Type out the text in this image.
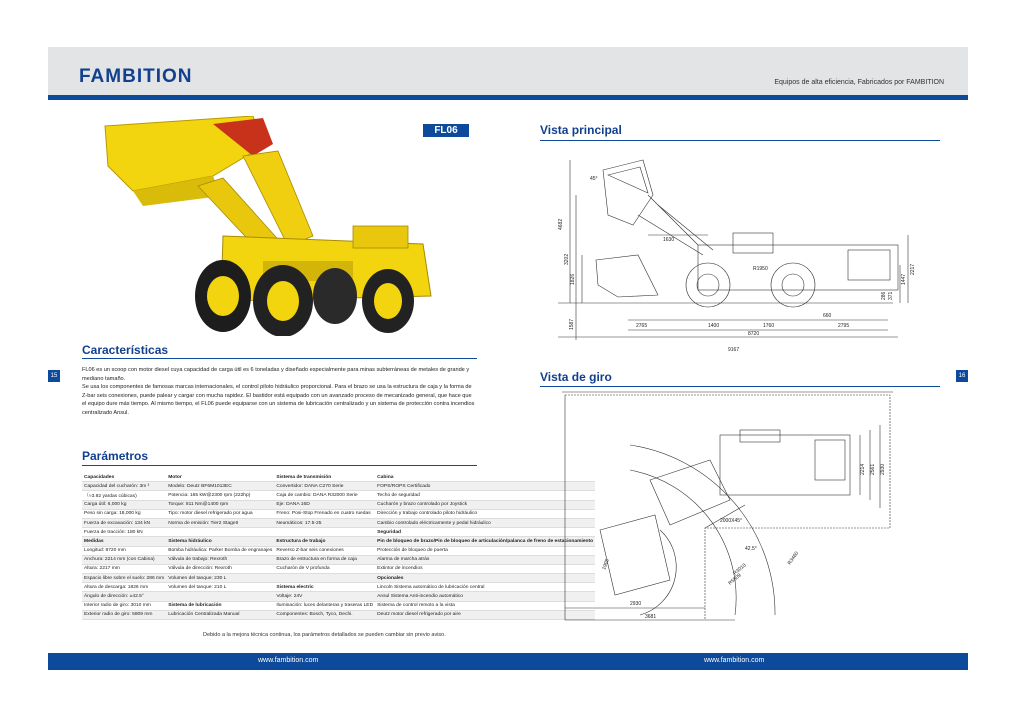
FAMBITION	Equipos de alta eficiencia, Fabricados por FAMBITION
15	16
FL06
Características

FL06 es un scoop con motor diesel cuya capacidad de carga útil es 6 toneladas y diseñado especialmente para minas subterráneas de metales de grande y mediano tamaño.

Se usa los componentes de famosas marcas internacionales, el control piloto hidráulico proporcional. Para el brazo se usa la estructura de caja y la forma de Z-bar seis conexiones, puede palear y cargar con mucha rapidez. El bastidor está equipado con un avanzado proceso de mecanizado general, que hace que el equipo dure más tiempo. Al mismo tiempo, el FL06 puede equiparse con un sistema de lubricación centralizado y un sistema de protección contra incendios centralizado Ansul.

Parámetros
Capacidades	Motor	Sistema de transmisión	Cabina
Capacidad del cucharón: 3m ³	Modelo: Deutz BF6M1013EC	Convertidor: DANA C270 Serie	FOPS/ROPS Certificado
（≈3.92 yardas cúbicas)	Potencia: 165 kW@2300 rpm (222hp)	Caja de cambio: DANA R32000 Serie	Techo de seguridad
Carga útil: 6,000 kg	Torque: 811 Nm@1400 rpm	Eje: DANA 16D	Cucharón y brazo controlado por Joystick
Peso sin carga: 18,000 kg	Tipo: motor diesel refrigerado por agua	Freno: Posi-Stop Frenado en cuatro ruedas	Dirección y trabajo controlado piloto hidráulico
Fuerza de excavación: 134 kN	Norma de emisión: Tier2 StageII	Neumáticos: 17.5-25	Cambio controlado eléctricamente y pedal hidráulico
Fuerza de tracción: 180 kN			Seguridad
Medidas	Sistema hidráulico	Estructura de trabajo	Pin de bloqueo de brazo/Pin de bloqueo de articulación/palanca de freno de estacionamiento
Longitud: 8720 mm	Bomba hidráulica: Parker Bomba de engranajes	Reverso Z-bar seis conexiones	Protección de bloqueo de puerta
Anchura: 2214 mm (con Cabina)	Válvula de trabajo: Rexroth	Brazo de estructura en forma de caja	Alarma de marcha atrás
Altura: 2217 mm	Válvula de dirección: Rexroth	Cucharón de V profunda	Extintor de incendios
Espacio libre sobre el suelo: 286 mm	Volumen del tanque: 230 L		Opcionales
Altura de descarga: 1826 mm	Volumen del tanque: 210 L	Sistema electric	Lincoln Sistema automático de lubricación central
Ángulo de dirección: ±42.5°		Voltaje: 24V	Ansul Sistema Anti-incendio automático
Interior radio de giro: 3010 mm	Sistema de lubricación	Iluminación: luces delanteras y traseras LED	Sistema de control remoto a la vista
Exterior radio de giro: 5809 mm	Lubricación Centralizada Manual	Componentes: Bosch, Tyco, Dechi.	Deutz motor diesel refrigerado por aire
Debido a la mejora técnica continua, los parámetros detallados se pueden cambiar sin previo aviso.
Vista principal
4682
3202
1826
1587
45°
1630
R1950
2765	1400	1760	2795
660
8720
9167
1447
2217
371
286
Vista de giro
2214 2561 2930
2000X45°
42.5°
R3010
R5809
R3460
2930
3681
1905
www.fambition.com	www.fambition.com
